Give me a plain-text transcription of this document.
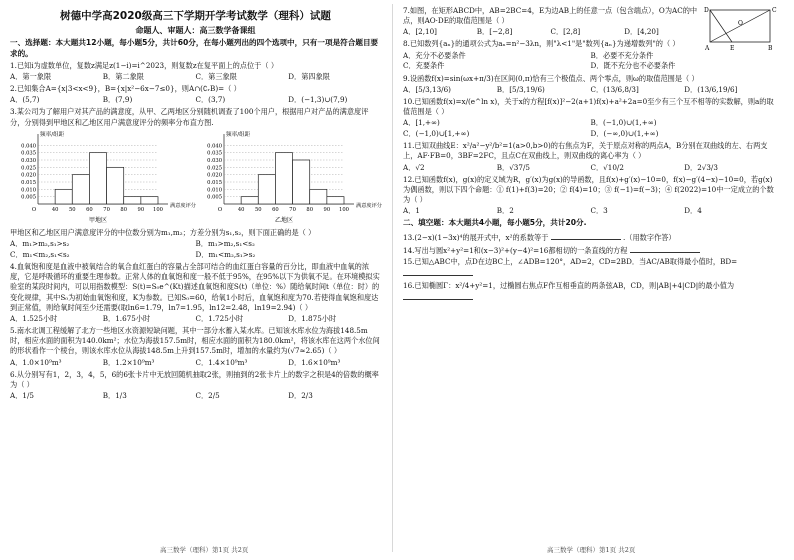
树德中学高2020级高三下学期开学考试数学（理科）试题
命题人、审题人：高三数学备课组
一、选择题：本大题共12小题，每小题5分，共计60分，在每小题列出的四个选项中，只有一项是符合题目要求的。
1.已知i为虚数单位，复数z满足z(1−i)=i^2023，则复数z在复平面上的点位于（ ）
A．第一象限	B．第二象限	C．第三象限	D．第四象限
2.已知集合A={x|3<x<9}，B={x|x²−6x−7≤0}，则A∩(∁ᵣB)=（ ）
A．(5,7)	B．(7,9)	C．(3,7)	D．(−1,3)∪(7,9)
3.某公司为了解用户对其产品的满意度，从甲、乙两地区分别随机调查了100个用户，根据用户对产品的满意度评分，分别得到甲地区和乙地区用户满意度评分的频率分布直方图.
0.040
0.035
0.030
0.025
0.020
0.015
0.010
0.005
O	40 50 60 70 80 90 100
满意度评分
频率/组距
甲地区
0.040
0.035
0.030
0.025
0.020
0.015
0.010
0.005
O	40 50 60 70 80 90 100
满意度评分
频率/组距
乙地区
甲地区和乙地区用户满意度评分的中位数分别为m₁,m₂；方差分别为s₁,s₂，则下面正确的是（ ）
A．m₁>m₂,s₁>s₂	B．m₁>m₂,s₁<s₂
C．m₁<m₂,s₁<s₂	D．m₁<m₂,s₁>s₂
4.血氧饱和度是血液中被氧结合的氧合血红蛋白的容量占全部可结合的血红蛋白容量的百分比，即血液中血氧的浓度，它是呼吸循环的重要生理参数。正常人体的血氧饱和度一般不低于95%，在95%以下为供氧不足。在环境模拟实验室的某段时间内，可以用指数模型：S(t)=S₀e^(Kt)描述血氧饱和度S(t)（单位：%）随给氧时间t（单位：时）的变化规律，其中S₀为初始血氧饱和度，K为参数。已知S₀=60，给氧1小时后，血氧饱和度为70.若使得血氧饱和度达到正常值，则给氧时间至少还需要(取ln6=1.79，ln7=1.95，ln12=2.48，ln19=2.94)（ ）
A．1.525小时	B．1.675小时	C．1.725小时	D．1.875小时
5.南水北调工程缓解了北方一些地区水资源短缺问题，其中一部分水蓄入某水库。已知该水库水位为海拔148.5m时，相应水面的面积为140.0km²；水位为海拔157.5m时，相应水面的面积为180.0km²，将该水库在这两个水位间的形状看作一个棱台，则该水库水位从海拔148.5m上升到157.5m时，增加的水量约为(√7≈2.65)（ ）
A．1.0×10⁹m³	B．1.2×10⁹m³	C．1.4×10⁹m³	D．1.6×10⁹m³
6.从分别写有1，2，3，4，5，6的6张卡片中无放回随机抽取2张，则抽到的2张卡片上的数字之积是4的倍数的概率为（ ）
A．1/5	B．1/3	C．2/5	D．2/3
高三数学（理科）第1页 共2页
D	C
O
A	E	B
7.如图，在矩形ABCD中，AB=2BC=4，E为边AB上的任意一点（包含端点），O为AC的中点，则AO·DE的取值范围是（ ）
A．[2,10]	B．[−2,8]	C．[2,8]	D．[4,20]
8.已知数列{aₙ}的通项公式为aₙ=n²−3λn，则"λ<1"是"数列{aₙ}为递增数列"的（ ）
A．充分不必要条件	B．必要不充分条件
C．充要条件	D．既不充分也不必要条件
9.设函数f(x)=sin(ωx+π/3)在区间(0,π)恰有三个极值点、两个零点，则ω的取值范围是（ ）
A．[5/3,13/6)	B．[5/3,19/6)	C．(13/6,8/3]	D．(13/6,19/6]
10.已知函数f(x)=x/(e^ln x)，关于x的方程[f(x)]²−2(a+1)f(x)+a²+2a=0至少有三个互不相等的实数解，则a的取值范围是（ ）
A．[1,+∞)	B．(−1,0)∪(1,+∞)
C．(−1,0)∪[1,+∞)	D．(−∞,0)∪(1,+∞)
11.已知双曲线E：x²/a²−y²/b²=1(a>0,b>0)的右焦点为F，关于原点对称的两点A，B分别在双曲线的左、右两支上，AF·FB=0，3BF=2FC，且点C在双曲线上，则双曲线的离心率为（ ）
A．√2	B．√37/5	C．√10/2	D．2√3/3
12.已知函数f(x)，g(x)的定义域为R，g′(x)为g(x)的导函数，且f(x)+g′(x)−10=0，f(x)−g′(4−x)−10=0，若g(x)为偶函数，则以下四个命题：① f(1)+f(3)=20；② f(4)=10；③ f(−1)=f(−3)；④ f(2022)=10中一定成立的个数为（ ）
A．1	B．2	C．3	D．4
二、填空题：本大题共4小题，每小题5分，共计20分.
13.(2−x)(1−3x)⁴的展开式中，x²的系数等于	.（用数字作答）
14.写出与圆x²+y²=1和(x−3)²+(y−4)²=16都相切的一条直线的方程
15.已知△ABC中，点D在边BC上，∠ADB=120°，AD=2，CD=2BD．当AC/AB取得最小值时，BD=
16.已知椭圆Γ：x²/4+y²=1，过椭圆右焦点F作互相垂直的两条弦AB，CD，则|AB|+4|CD|的最小值为
高三数学（理科）第1页 共2页
